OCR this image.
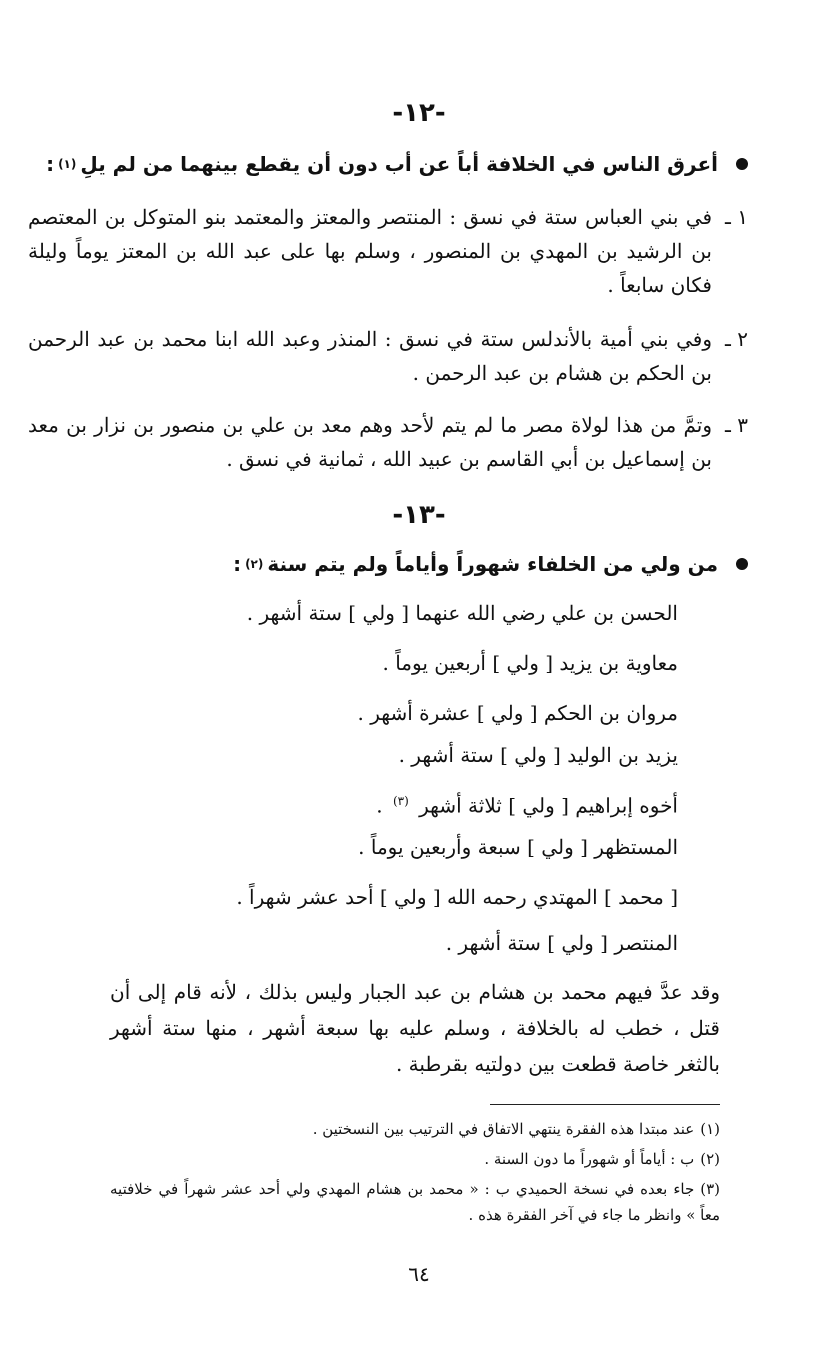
-١٢-
أعرق الناس في الخلافة أباً عن أب دون أن يقطع بينهما من لم يلِ
(١)
:
١ ـ
في بني العباس ستة في نسق : المنتصر والمعتز والمعتمد بنو المتوكل بن المعتصم بن الرشيد بن المهدي بن المنصور ، وسلم بها على عبد الله بن المعتز يوماً وليلة فكان سابعاً .
٢ ـ
وفي بني أمية بالأندلس ستة في نسق : المنذر وعبد الله ابنا محمد بن عبد الرحمن بن الحكم بن هشام بن عبد الرحمن .
٣ ـ
وتمَّ من هذا لولاة مصر ما لم يتم لأحد وهم معد بن علي بن منصور بن نزار بن معد بن إسماعيل بن أبي القاسم بن عبيد الله ، ثمانية في نسق .
-١٣-
من ولي من الخلفاء شهوراً وأياماً ولم يتم سنة
(٢)
:
الحسن بن علي رضي الله عنهما [ ولي ] ستة أشهر .
معاوية بن يزيد [ ولي ] أربعين يوماً .
مروان بن الحكم [ ولي ] عشرة أشهر .
يزيد بن الوليد [ ولي ] ستة أشهر .
أخوه إبراهيم [ ولي ] ثلاثة أشهر $^{(٣)}$ .
المستظهر [ ولي ] سبعة وأربعين يوماً .
[ محمد ] المهتدي رحمه الله [ ولي ] أحد عشر شهراً .
المنتصر [ ولي ] ستة أشهر .
وقد عدَّ فيهم محمد بن هشام بن عبد الجبار وليس بذلك ، لأنه قام إلى أن قتل ، خطب له بالخلافة ، وسلم عليه بها سبعة أشهر ، منها ستة أشهر بالثغر خاصة قطعت بين دولتيه بقرطبة .
(١)عند مبتدا هذه الفقرة ينتهي الاتفاق في الترتيب بين النسختين .
(٢)ب : أياماً أو شهوراً ما دون السنة .
(٣)جاء بعده في نسخة الحميدي ب : « محمد بن هشام المهدي ولي أحد عشر شهراً في خلافتيه معاً » وانظر ما جاء في آخر الفقرة هذه .
٦٤
